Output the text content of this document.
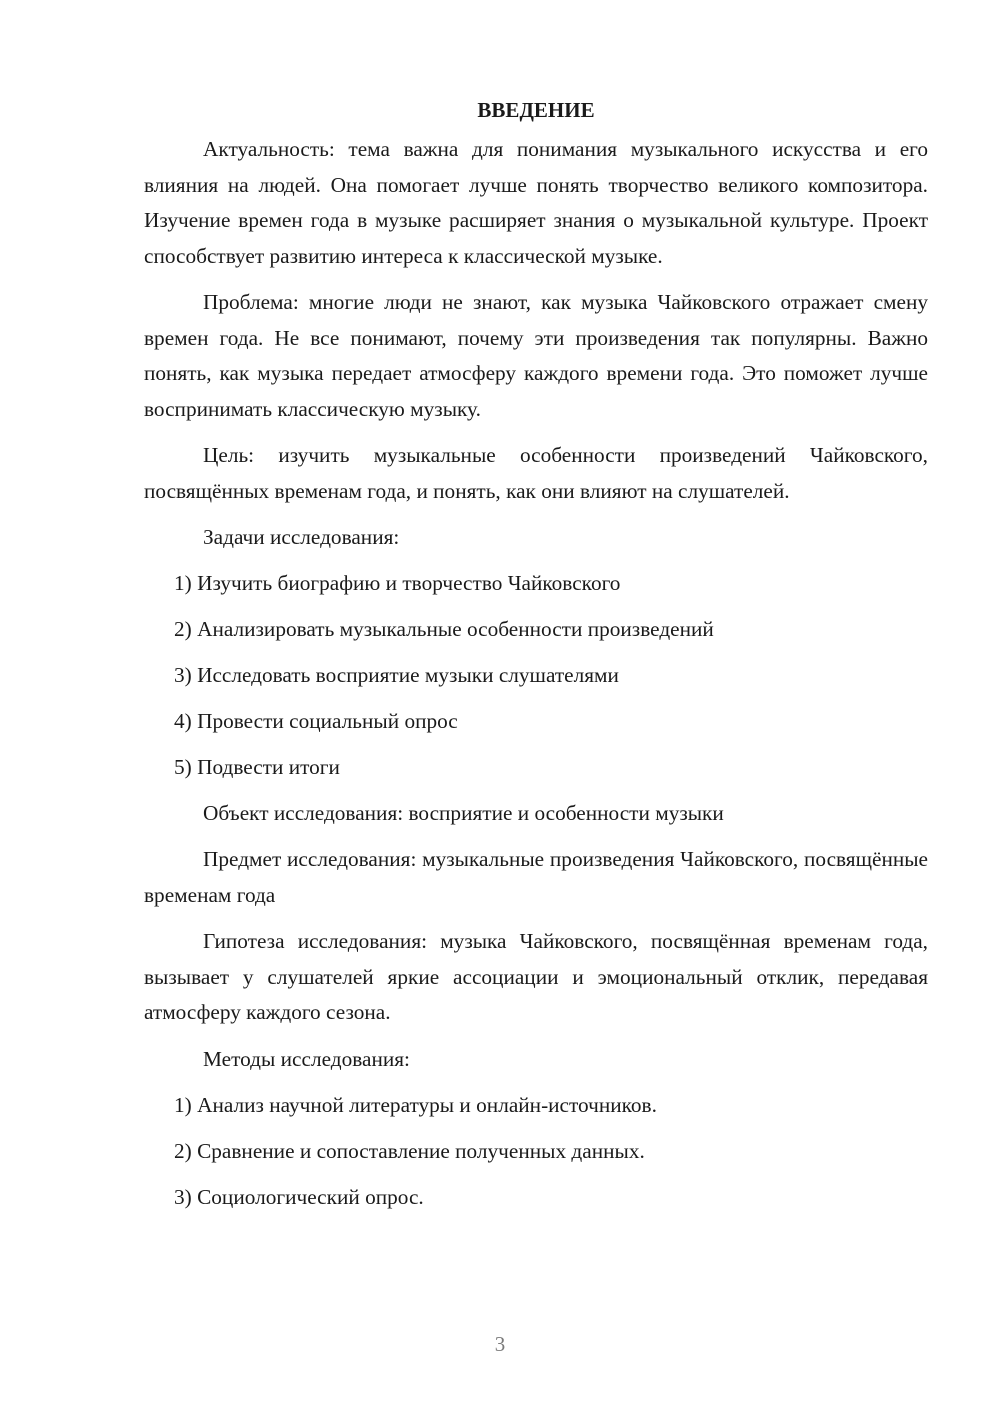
ВВЕДЕНИЕ

Актуальность: тема важна для понимания музыкального искусства и его влияния на людей. Она помогает лучше понять творчество великого композитора. Изучение времен года в музыке расширяет знания о музыкальной культуре. Проект способствует развитию интереса к классической музыке.

Проблема: многие люди не знают, как музыка Чайковского отражает смену времен года. Не все понимают, почему эти произведения так популярны. Важно понять, как музыка передает атмосферу каждого времени года. Это поможет лучше воспринимать классическую музыку.

Цель: изучить музыкальные особенности произведений Чайковского, посвящённых временам года, и понять, как они влияют на слушателей.

Задачи исследования:
1) Изучить биографию и творчество Чайковского
2) Анализировать музыкальные особенности произведений
3) Исследовать восприятие музыки слушателями
4) Провести социальный опрос
5) Подвести итоги
Объект исследования: восприятие и особенности музыки

Предмет исследования: музыкальные произведения Чайковского, посвящённые временам года

Гипотеза исследования: музыка Чайковского, посвящённая временам года, вызывает у слушателей яркие ассоциации и эмоциональный отклик, передавая атмосферу каждого сезона.

Методы исследования:
1) Анализ научной литературы и онлайн-источников.
2) Сравнение и сопоставление полученных данных.
3) Социологический опрос.
3
